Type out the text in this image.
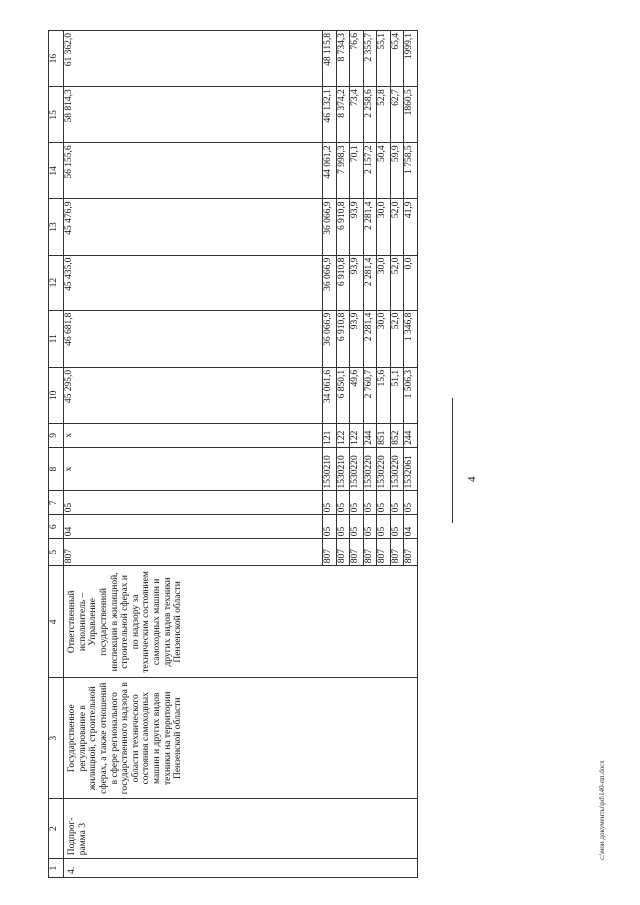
4
1	2	3	4	5	6	7	8	9	10	11	12	13	14	15	16
4.	Подпрог-рамма 3	Государственное регулирование в жилищной, строительной сферах, а также отношений в сфере регионального государственного надзора в области технического состояния самоходных машин и других видов техники на территории Пензенской области	Ответственный исполнитель – Управление государственной инспекции в жилищной, строительной сферах и по надзору за техническим состоянием самоходных машин и других видов техники Пензенской области	807	04	05	x	x	45 295,0	46 681,8	45 435,0	45 476,9	56 155,6	58 814,3	61 362,0
				807	05	05	1530210	121	34 061,6	36 066,9	36 066,9	36 066,9	44 061,2	46 132,1	48 115,8
				807	05	05	1530210	122	6 850,1	6 910,8	6 910,8	6 910,8	7 998,3	8 374,2	8 734,3
				807	05	05	1530220	122	49,6	93,9	93,9	93,9	70,1	73,4	76,6
				807	05	05	1530220	244	2 760,7	2 281,4	2 281,4	2 281,4	2 157,2	2 258,6	2 355,7
				807	05	05	1530220	851	15,6	30,0	30,0	30,0	50,4	52,8	55,1
				807	05	05	1530220	852	51,1	52,0	52,0	52,0	59,9	62,7	65,4
				807	04	05	1532061	244	1 506,3	1 346,8	0,0	41,9	1 758,5	1860,5	1999,1
c:\мои документы\pd\140-пп.docx
